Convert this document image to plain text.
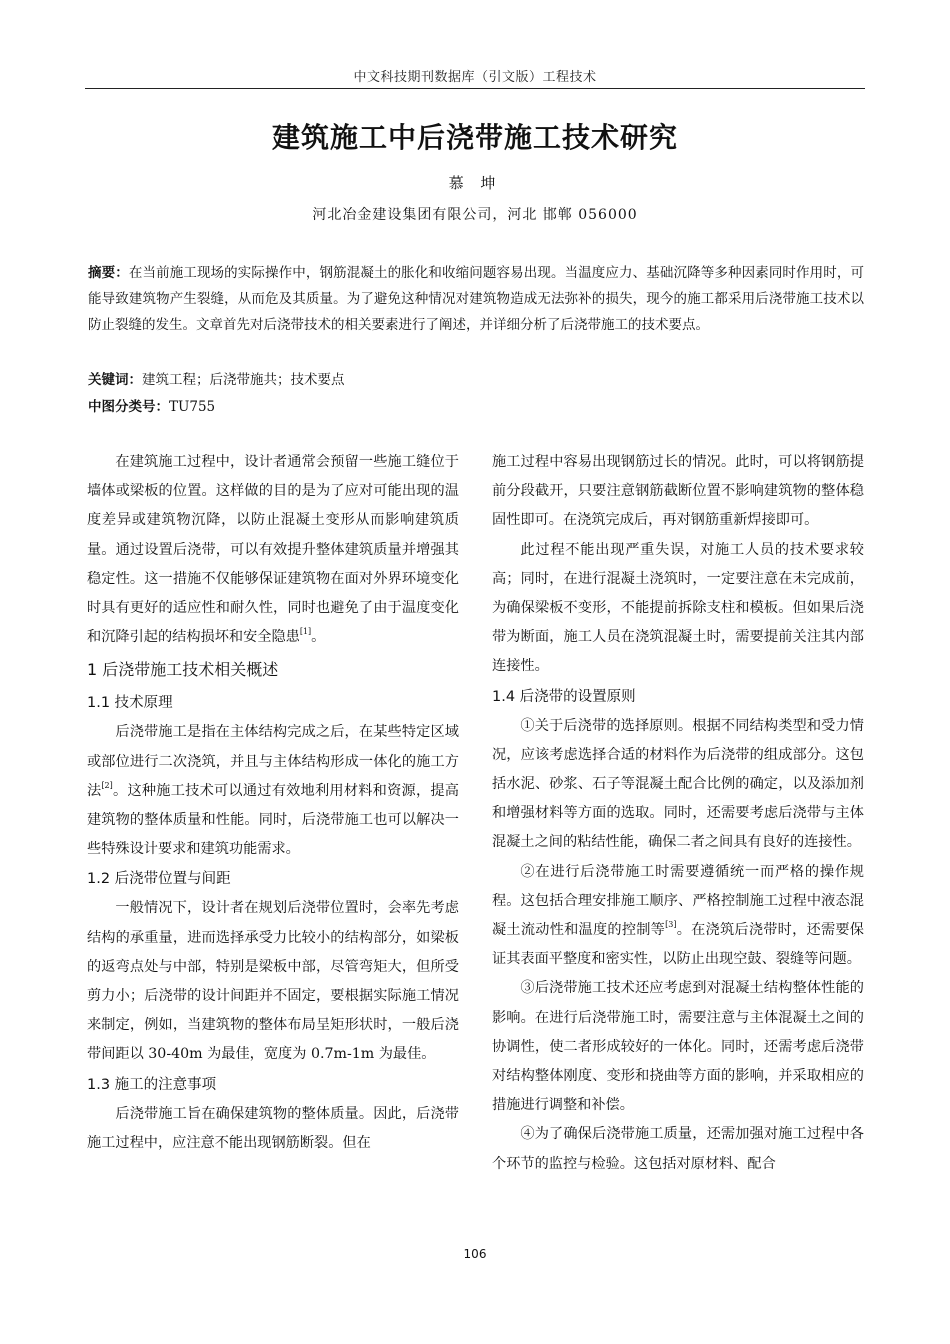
中文科技期刊数据库（引文版）工程技术
建筑施工中后浇带施工技术研究
慕 坤
河北冶金建设集团有限公司，河北 邯郸 056000
摘要：在当前施工现场的实际操作中，钢筋混凝土的胀化和收缩问题容易出现。当温度应力、基础沉降等多种因素同时作用时，可能导致建筑物产生裂缝，从而危及其质量。为了避免这种情况对建筑物造成无法弥补的损失，现今的施工都采用后浇带施工技术以防止裂缝的发生。文章首先对后浇带技术的相关要素进行了阐述，并详细分析了后浇带施工的技术要点。
关键词：建筑工程；后浇带施共；技术要点
中图分类号：TU755

在建筑施工过程中，设计者通常会预留一些施工缝位于墙体或梁板的位置。这样做的目的是为了应对可能出现的温度差异或建筑物沉降，以防止混凝土变形从而影响建筑质量。通过设置后浇带，可以有效提升整体建筑质量并增强其稳定性。这一措施不仅能够保证建筑物在面对外界环境变化时具有更好的适应性和耐久性，同时也避免了由于温度变化和沉降引起的结构损坏和安全隐患[1]。

1 后浇带施工技术相关概述
1.1 技术原理

后浇带施工是指在主体结构完成之后，在某些特定区域或部位进行二次浇筑，并且与主体结构形成一体化的施工方法[2]。这种施工技术可以通过有效地利用材料和资源，提高建筑物的整体质量和性能。同时，后浇带施工也可以解决一些特殊设计要求和建筑功能需求。

1.2 后浇带位置与间距

一般情况下，设计者在规划后浇带位置时，会率先考虑结构的承重量，进而选择承受力比较小的结构部分，如梁板的返弯点处与中部，特别是梁板中部，尽管弯矩大，但所受剪力小；后浇带的设计间距并不固定，要根据实际施工情况来制定，例如，当建筑物的整体布局呈矩形状时，一般后浇带间距以 30-40m 为最佳，宽度为 0.7m-1m 为最佳。

1.3 施工的注意事项

后浇带施工旨在确保建筑物的整体质量。因此，后浇带施工过程中，应注意不能出现钢筋断裂。但在

施工过程中容易出现钢筋过长的情况。此时，可以将钢筋提前分段截开，只要注意钢筋截断位置不影响建筑物的整体稳固性即可。在浇筑完成后，再对钢筋重新焊接即可。

此过程不能出现严重失误，对施工人员的技术要求较高；同时，在进行混凝土浇筑时，一定要注意在未完成前，为确保梁板不变形，不能提前拆除支柱和模板。但如果后浇带为断面，施工人员在浇筑混凝土时，需要提前关注其内部连接性。

1.4 后浇带的设置原则

①关于后浇带的选择原则。根据不同结构类型和受力情况，应该考虑选择合适的材料作为后浇带的组成部分。这包括水泥、砂浆、石子等混凝土配合比例的确定，以及添加剂和增强材料等方面的选取。同时，还需要考虑后浇带与主体混凝土之间的粘结性能，确保二者之间具有良好的连接性。

②在进行后浇带施工时需要遵循统一而严格的操作规程。这包括合理安排施工顺序、严格控制施工过程中液态混凝土流动性和温度的控制等[3]。在浇筑后浇带时，还需要保证其表面平整度和密实性，以防止出现空鼓、裂缝等问题。

③后浇带施工技术还应考虑到对混凝土结构整体性能的影响。在进行后浇带施工时，需要注意与主体混凝土之间的协调性，使二者形成较好的一体化。同时，还需考虑后浇带对结构整体刚度、变形和挠曲等方面的影响，并采取相应的措施进行调整和补偿。

④为了确保后浇带施工质量，还需加强对施工过程中各个环节的监控与检验。这包括对原材料、配合

106
